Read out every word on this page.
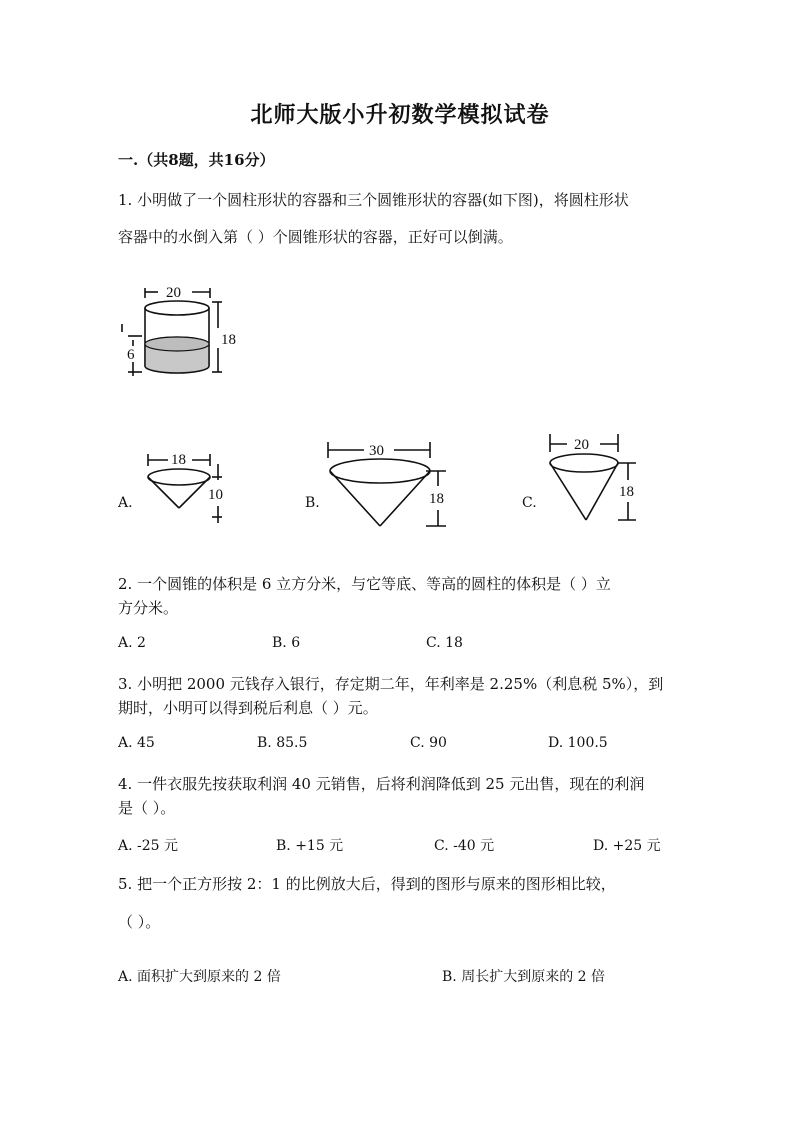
北师大版小升初数学模拟试卷
一.（共8题，共16分）
1. 小明做了一个圆柱形状的容器和三个圆锥形状的容器(如下图)，将圆柱形状
容器中的水倒入第（ ）个圆锥形状的容器，正好可以倒满。
20
18
6
A.
18
10	B.
30
18	C.
20
18
2. 一个圆锥的体积是 6 立方分米，与它等底、等高的圆柱的体积是（ ）立
方分米。
A. 2	B. 6	C. 18
3. 小明把 2000 元钱存入银行，存定期二年，年利率是 2.25%（利息税 5%），到
期时，小明可以得到税后利息（ ）元。
A. 45	B. 85.5	C. 90	D. 100.5
4. 一件衣服先按获取利润 40 元销售，后将利润降低到 25 元出售，现在的利润
是（ ）。
A. -25 元	B. +15 元	C. -40 元	D. +25 元
5. 把一个正方形按 2：1 的比例放大后，得到的图形与原来的图形相比较，
（ ）。
A. 面积扩大到原来的 2 倍	B. 周长扩大到原来的 2 倍
